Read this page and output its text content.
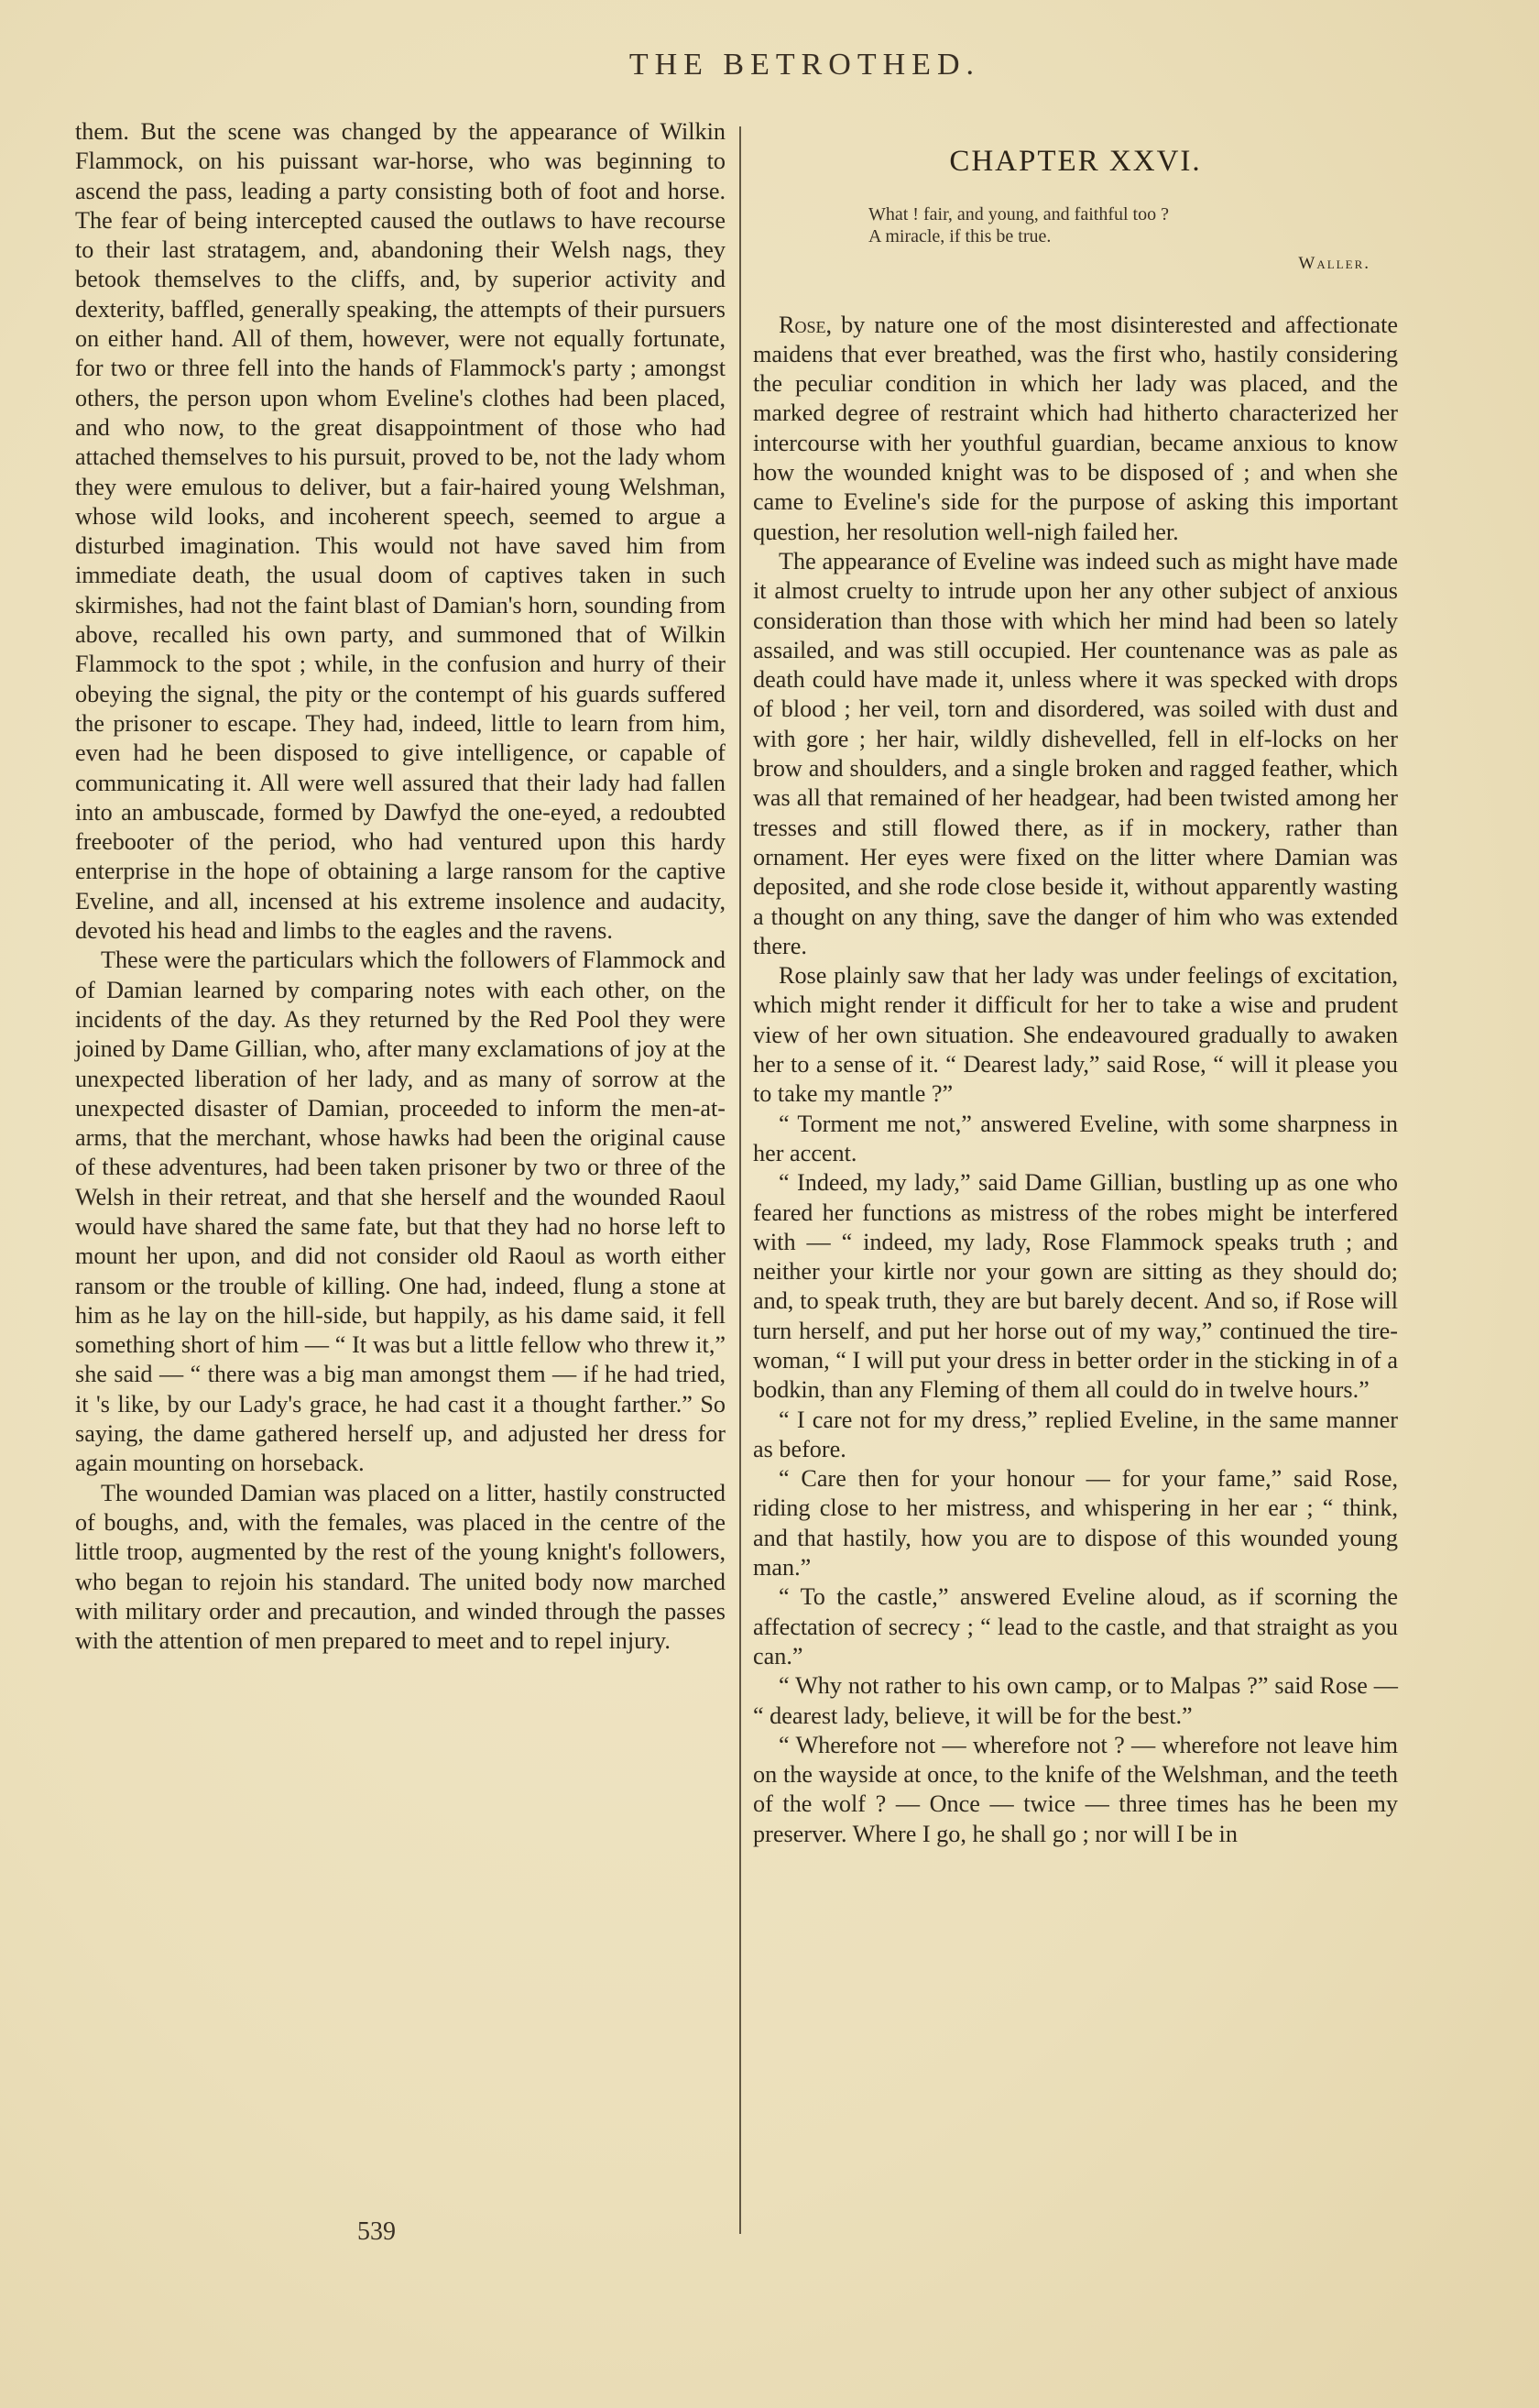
THE BETROTHED.

them. But the scene was changed by the appearance of Wilkin Flammock, on his puissant war-horse, who was beginning to ascend the pass, leading a party consisting both of foot and horse. The fear of being intercepted caused the outlaws to have recourse to their last stratagem, and, abandoning their Welsh nags, they betook themselves to the cliffs, and, by superior activity and dexterity, baffled, generally speaking, the attempts of their pursuers on either hand. All of them, however, were not equally fortunate, for two or three fell into the hands of Flammock's party ; amongst others, the person upon whom Eveline's clothes had been placed, and who now, to the great disappointment of those who had attached themselves to his pursuit, proved to be, not the lady whom they were emulous to deliver, but a fair-haired young Welshman, whose wild looks, and incoherent speech, seemed to argue a disturbed imagination. This would not have saved him from immediate death, the usual doom of captives taken in such skirmishes, had not the faint blast of Damian's horn, sounding from above, recalled his own party, and summoned that of Wilkin Flammock to the spot ; while, in the confusion and hurry of their obeying the signal, the pity or the contempt of his guards suffered the prisoner to escape. They had, indeed, little to learn from him, even had he been disposed to give intelligence, or capable of communicating it. All were well assured that their lady had fallen into an ambuscade, formed by Dawfyd the one-eyed, a redoubted freebooter of the period, who had ventured upon this hardy enterprise in the hope of obtaining a large ransom for the captive Eveline, and all, incensed at his extreme insolence and audacity, devoted his head and limbs to the eagles and the ravens.

These were the particulars which the followers of Flammock and of Damian learned by comparing notes with each other, on the incidents of the day. As they returned by the Red Pool they were joined by Dame Gillian, who, after many exclamations of joy at the unexpected liberation of her lady, and as many of sorrow at the unexpected disaster of Damian, proceeded to inform the men-at-arms, that the merchant, whose hawks had been the original cause of these adventures, had been taken prisoner by two or three of the Welsh in their retreat, and that she herself and the wounded Raoul would have shared the same fate, but that they had no horse left to mount her upon, and did not consider old Raoul as worth either ransom or the trouble of killing. One had, indeed, flung a stone at him as he lay on the hill-side, but happily, as his dame said, it fell something short of him — “ It was but a little fellow who threw it,” she said — “ there was a big man amongst them — if he had tried, it 's like, by our Lady's grace, he had cast it a thought farther.” So saying, the dame gathered herself up, and adjusted her dress for again mounting on horseback.

The wounded Damian was placed on a litter, hastily constructed of boughs, and, with the females, was placed in the centre of the little troop, augmented by the rest of the young knight's followers, who began to rejoin his standard. The united body now marched with military order and precaution, and winded through the passes with the attention of men prepared to meet and to repel injury.

CHAPTER XXVI.
What ! fair, and young, and faithful too ?
A miracle, if this be true.
Waller.

Rose, by nature one of the most disinterested and affectionate maidens that ever breathed, was the first who, hastily considering the peculiar condition in which her lady was placed, and the marked degree of restraint which had hitherto characterized her intercourse with her youthful guardian, became anxious to know how the wounded knight was to be disposed of ; and when she came to Eveline's side for the purpose of asking this important question, her resolution well-nigh failed her.

The appearance of Eveline was indeed such as might have made it almost cruelty to intrude upon her any other subject of anxious consideration than those with which her mind had been so lately assailed, and was still occupied. Her countenance was as pale as death could have made it, unless where it was specked with drops of blood ; her veil, torn and disordered, was soiled with dust and with gore ; her hair, wildly dishevelled, fell in elf-locks on her brow and shoulders, and a single broken and ragged feather, which was all that remained of her headgear, had been twisted among her tresses and still flowed there, as if in mockery, rather than ornament. Her eyes were fixed on the litter where Damian was deposited, and she rode close beside it, without apparently wasting a thought on any thing, save the danger of him who was extended there.

Rose plainly saw that her lady was under feelings of excitation, which might render it difficult for her to take a wise and prudent view of her own situation. She endeavoured gradually to awaken her to a sense of it. “ Dearest lady,” said Rose, “ will it please you to take my mantle ?”

“ Torment me not,” answered Eveline, with some sharpness in her accent.

“ Indeed, my lady,” said Dame Gillian, bustling up as one who feared her functions as mistress of the robes might be interfered with — “ indeed, my lady, Rose Flammock speaks truth ; and neither your kirtle nor your gown are sitting as they should do; and, to speak truth, they are but barely decent. And so, if Rose will turn herself, and put her horse out of my way,” continued the tire-woman, “ I will put your dress in better order in the sticking in of a bodkin, than any Fleming of them all could do in twelve hours.”

“ I care not for my dress,” replied Eveline, in the same manner as before.

“ Care then for your honour — for your fame,” said Rose, riding close to her mistress, and whispering in her ear ; “ think, and that hastily, how you are to dispose of this wounded young man.”

“ To the castle,” answered Eveline aloud, as if scorning the affectation of secrecy ; “ lead to the castle, and that straight as you can.”

“ Why not rather to his own camp, or to Malpas ?” said Rose — “ dearest lady, believe, it will be for the best.”

“ Wherefore not — wherefore not ? — wherefore not leave him on the wayside at once, to the knife of the Welshman, and the teeth of the wolf ? — Once — twice — three times has he been my preserver. Where I go, he shall go ; nor will I be in

539
